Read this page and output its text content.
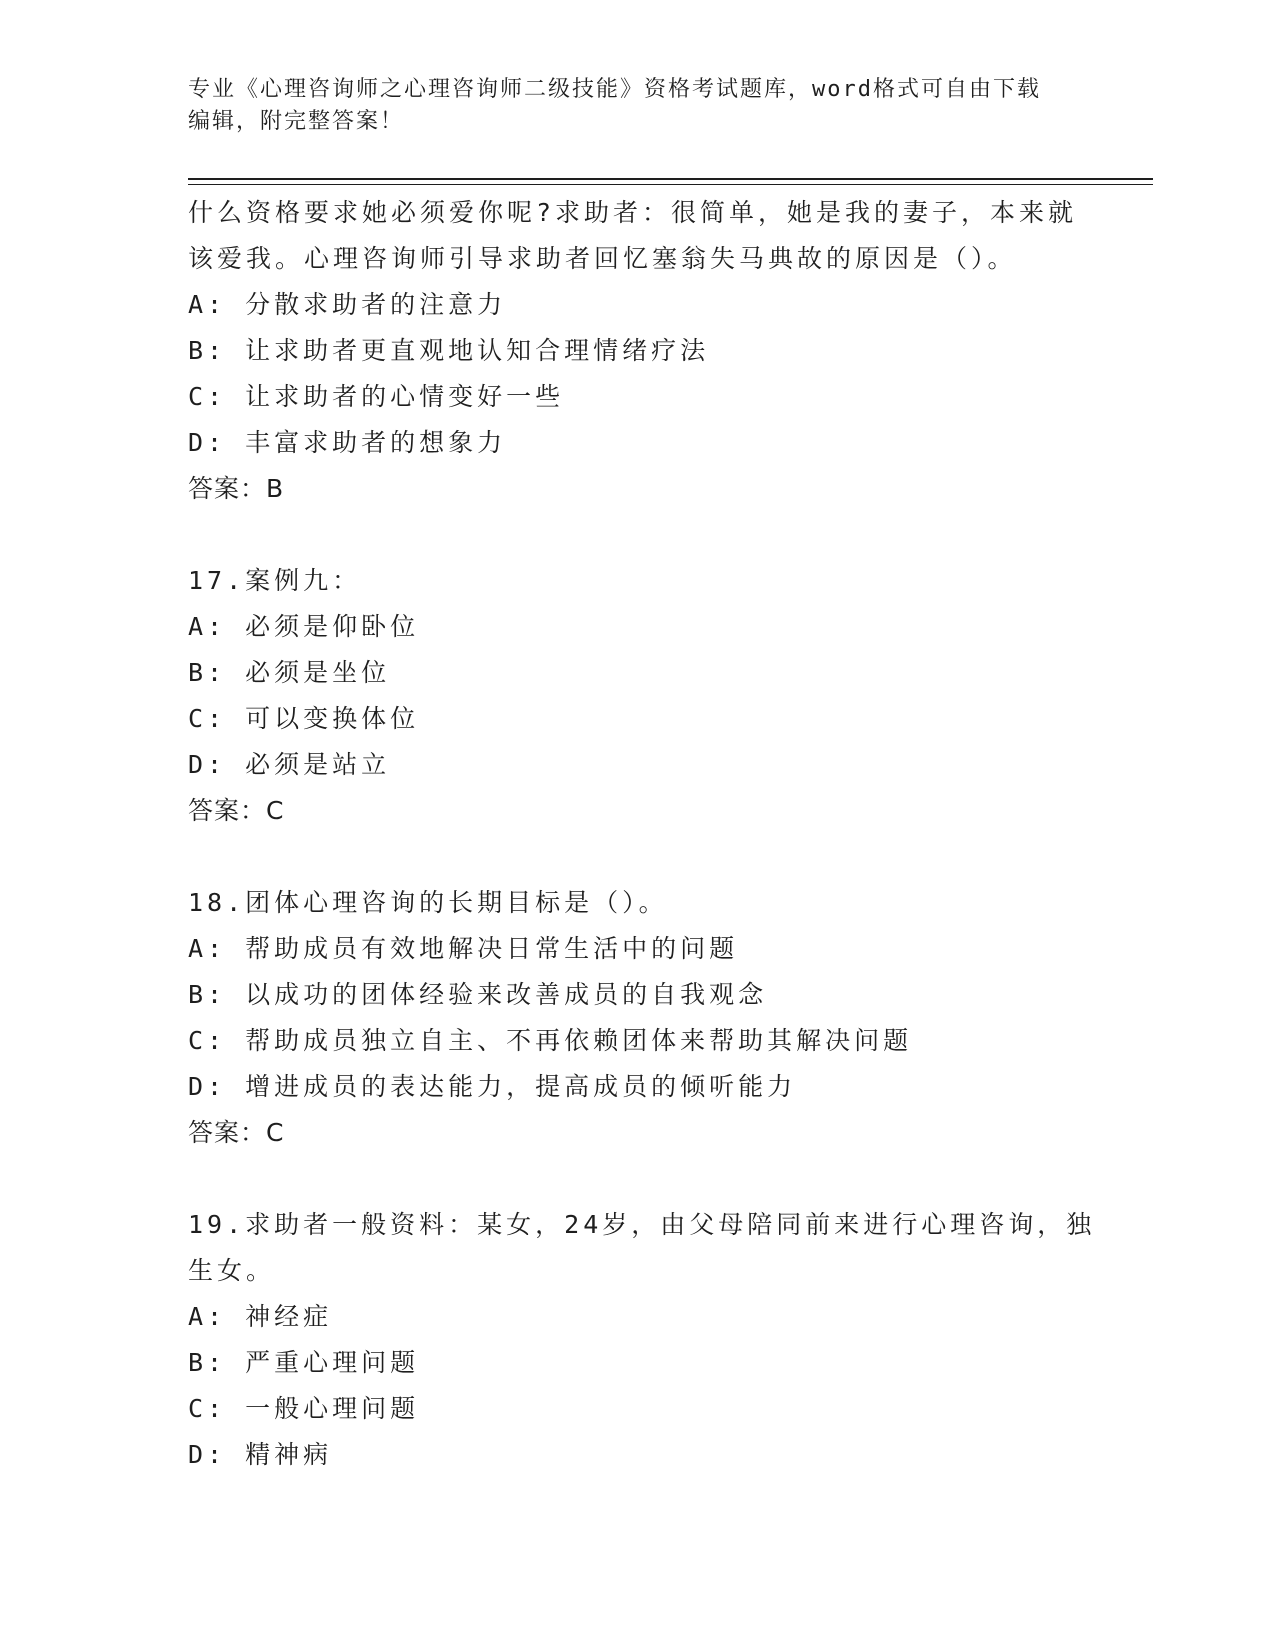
专业《心理咨询师之心理咨询师二级技能》资格考试题库，word格式可自由下载
编辑，附完整答案！
什么资格要求她必须爱你呢?求助者：很简单，她是我的妻子，本来就
该爱我。心理咨询师引导求助者回忆塞翁失马典故的原因是（）。
A: 分散求助者的注意力
B: 让求助者更直观地认知合理情绪疗法
C: 让求助者的心情变好一些
D: 丰富求助者的想象力
答案：B
17.案例九：
A: 必须是仰卧位
B: 必须是坐位
C: 可以变换体位
D: 必须是站立
答案：C
18.团体心理咨询的长期目标是（）。
A: 帮助成员有效地解决日常生活中的问题
B: 以成功的团体经验来改善成员的自我观念
C: 帮助成员独立自主、不再依赖团体来帮助其解决问题
D: 增进成员的表达能力，提高成员的倾听能力
答案：C
19.求助者一般资料：某女，24岁，由父母陪同前来进行心理咨询，独
生女。
A: 神经症
B: 严重心理问题
C: 一般心理问题
D: 精神病
